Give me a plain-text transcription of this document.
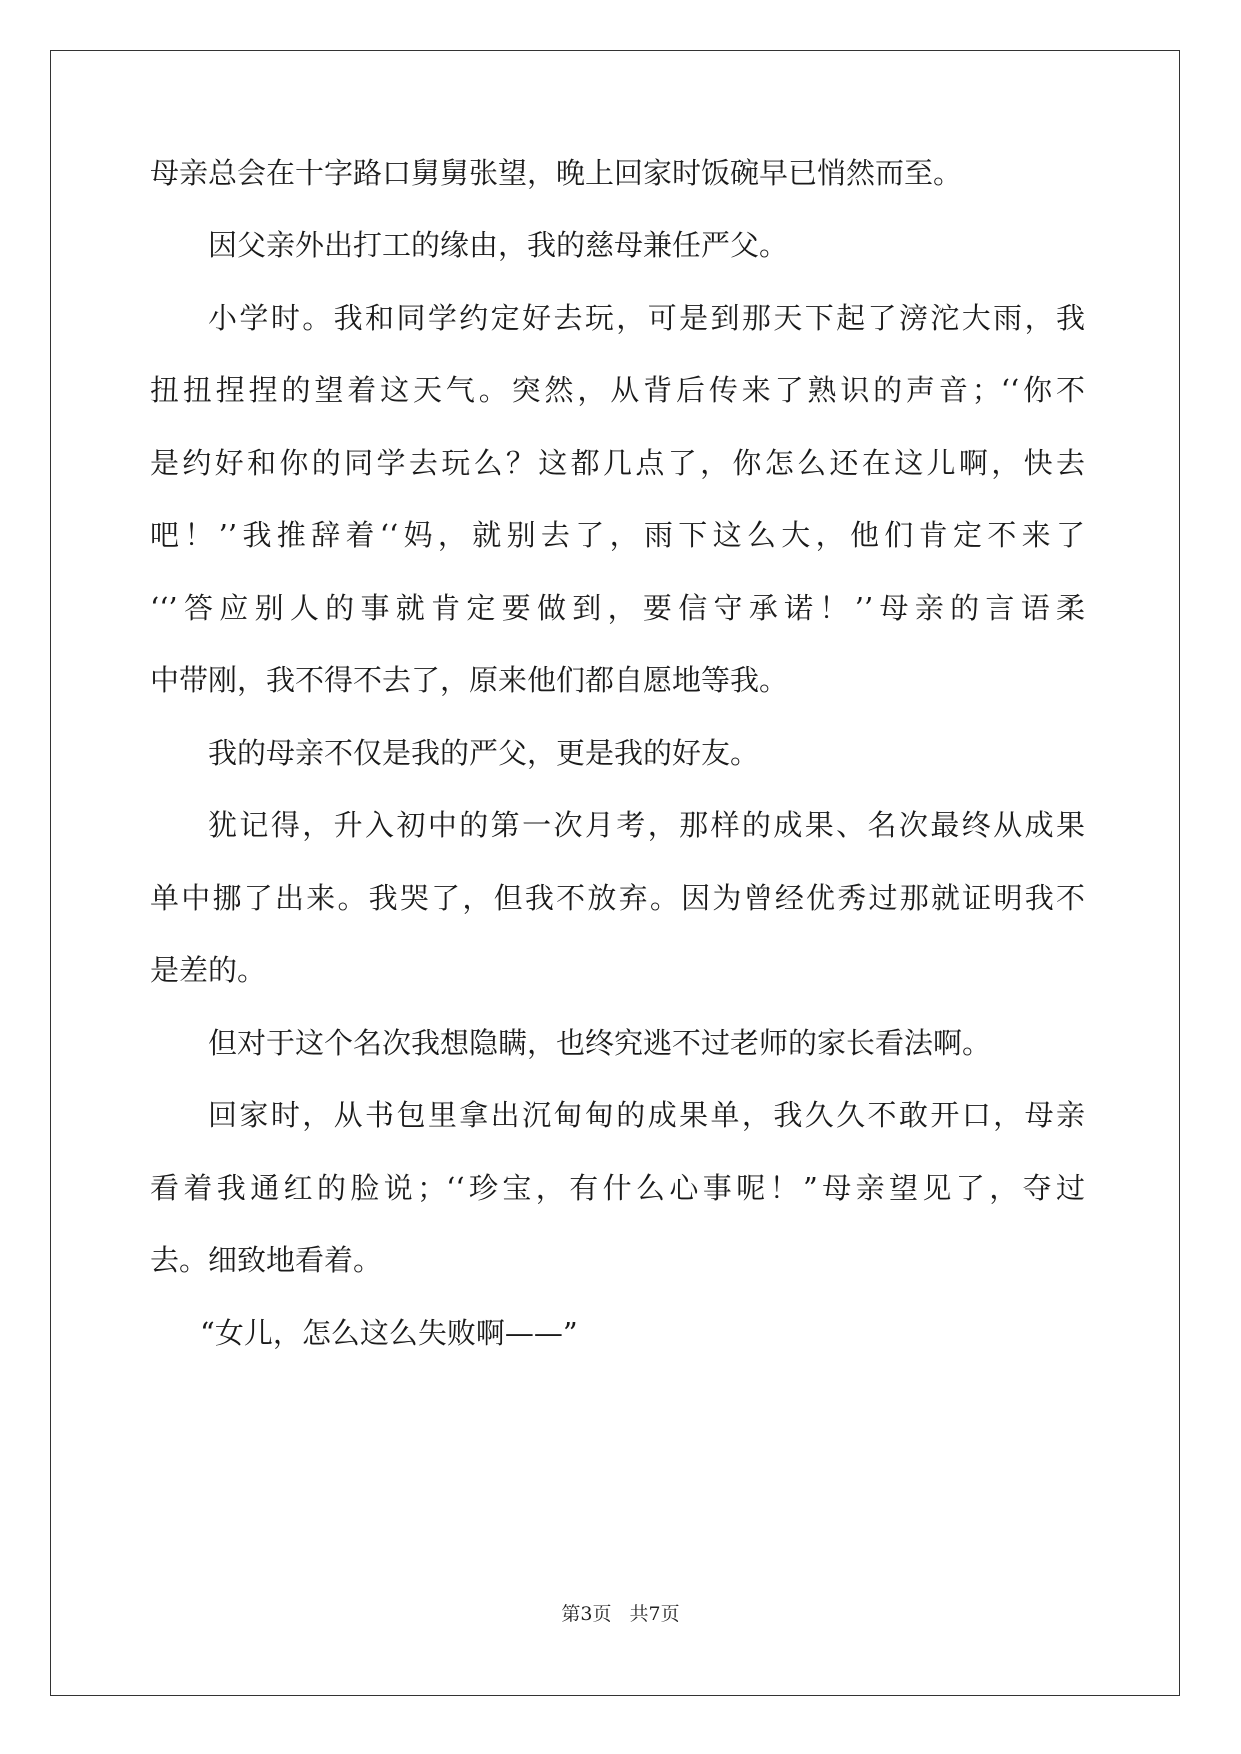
母亲总会在十字路口舅舅张望，晚上回家时饭碗早已悄然而至。
因父亲外出打工的缘由，我的慈母兼任严父。
小学时。我和同学约定好去玩，可是到那天下起了滂沱大雨，我
扭扭捏捏的望着这天气。突然，从背后传来了熟识的声音；‘‘你不
是约好和你的同学去玩么？这都几点了，你怎么还在这儿啊，快去
吧！’’我推辞着‘‘妈，就别去了，雨下这么大，他们肯定不来了
‘‘’答应别人的事就肯定要做到，要信守承诺！’’母亲的言语柔
中带刚，我不得不去了，原来他们都自愿地等我。
我的母亲不仅是我的严父，更是我的好友。
犹记得，升入初中的第一次月考，那样的成果、名次最终从成果
单中挪了出来。我哭了，但我不放弃。因为曾经优秀过那就证明我不
是差的。
但对于这个名次我想隐瞒，也终究逃不过老师的家长看法啊。
回家时，从书包里拿出沉甸甸的成果单，我久久不敢开口，母亲
看着我通红的脸说；‘‘珍宝，有什么心事呢！”母亲望见了，夺过
去。细致地看着。
“女儿，怎么这么失败啊——”
第3页 共7页
